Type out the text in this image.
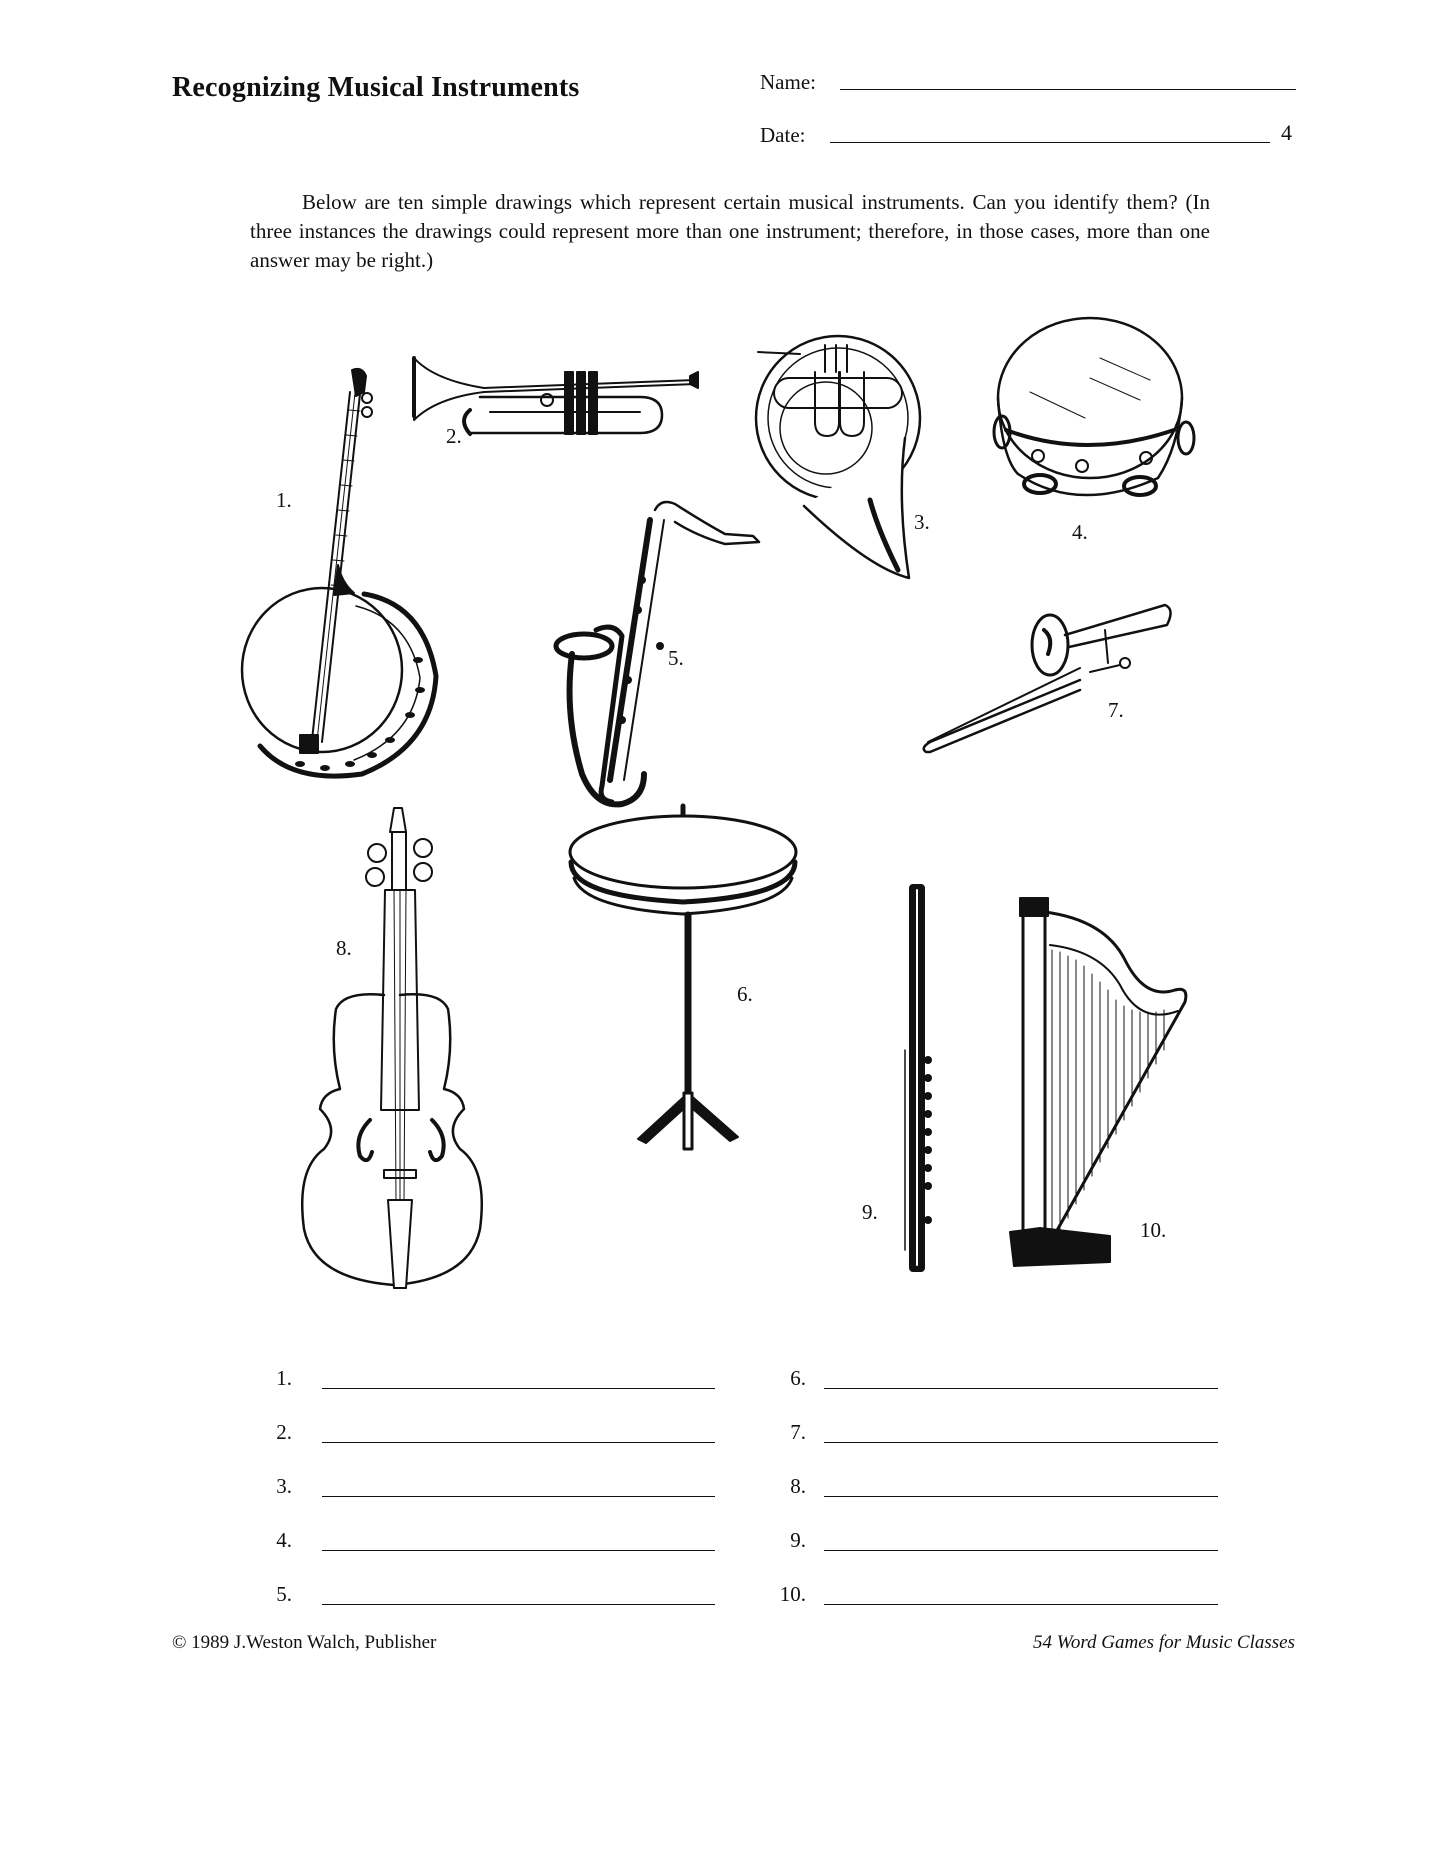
Recognizing Musical Instruments	Name:
Date:	4
Below are ten simple drawings which represent certain musical instruments. Can you identify them? (In three instances the drawings could represent more than one instrument; therefore, in those cases, more than one answer may be right.)
1.
2.
3.	4.
5.
6.
7.
8.
9.
10.
1.
2.
3.
4.
5.
6.
7.
8.
9.
10.
© 1989 J.Weston Walch, Publisher	54 Word Games for Music Classes
